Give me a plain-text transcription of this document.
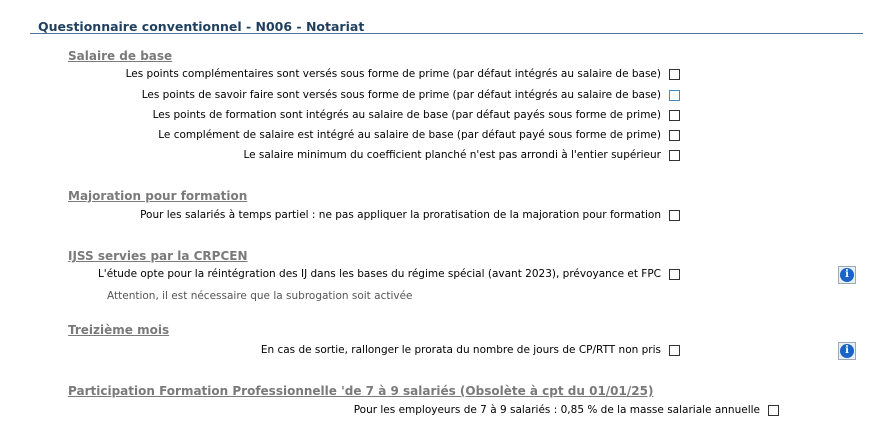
Questionnaire conventionnel - N006 - Notariat
Salaire de base
Les points complémentaires sont versés sous forme de prime (par défaut intégrés au salaire de base)
Les points de savoir faire sont versés sous forme de prime (par défaut intégrés au salaire de base)
Les points de formation sont intégrés au salaire de base (par défaut payés sous forme de prime)
Le complément de salaire est intégré au salaire de base (par défaut payé sous forme de prime)
Le salaire minimum du coefficient planché n'est pas arrondi à l'entier supérieur
Majoration pour formation
Pour les salariés à temps partiel : ne pas appliquer la proratisation de la majoration pour formation
IJSS servies par la CRPCEN
L'étude opte pour la réintégration des IJ dans les bases du régime spécial (avant 2023), prévoyance et FPC	i
Attention, il est nécessaire que la subrogation soit activée
Treizième mois
En cas de sortie, rallonger le prorata du nombre de jours de CP/RTT non pris	i
Participation Formation Professionnelle 'de 7 à 9 salariés (Obsolète à cpt du 01/01/25)
Pour les employeurs de 7 à 9 salariés : 0,85 % de la masse salariale annuelle
